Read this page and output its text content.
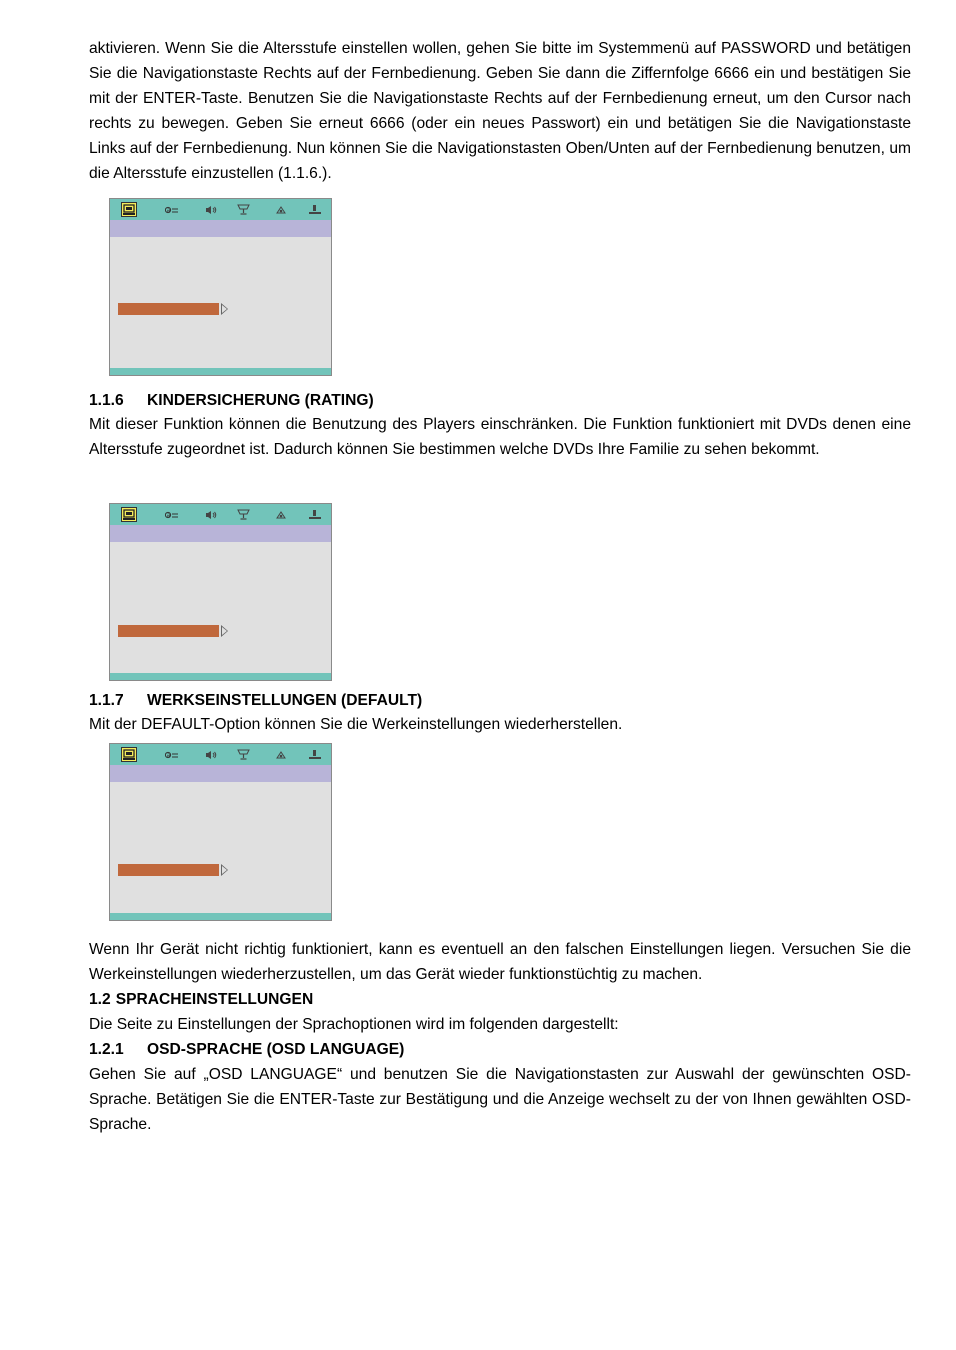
aktivieren. Wenn Sie die Altersstufe einstellen wollen, gehen Sie bitte im Systemmenü auf PASSWORD und betätigen Sie die Navigationstaste Rechts auf der Fernbedienung. Geben Sie dann die Ziffernfolge 6666 ein und bestätigen Sie mit der ENTER-Taste. Benutzen Sie die Navigationstaste Rechts auf der Fernbedienung erneut, um den Cursor nach rechts zu bewegen. Geben Sie erneut 6666 (oder ein neues Passwort) ein und betätigen Sie die Navigationstaste Links auf der Fernbedienung. Nun können Sie die Navigationstasten Oben/Unten auf der Fernbedienung benutzen, um die Altersstufe einzustellen (1.1.6.).

a

1.1.6 KINDERSICHERUNG (RATING)

Mit dieser Funktion können die Benutzung des Players einschränken. Die Funktion funktioniert mit DVDs denen eine Altersstufe zugeordnet ist. Dadurch können Sie bestimmen welche DVDs Ihre Familie zu sehen bekommt.

a

1.1.7 WERKSEINSTELLUNGEN (DEFAULT)

Mit der DEFAULT-Option können Sie die Werkeinstellungen wiederherstellen.

a

Wenn Ihr Gerät nicht richtig funktioniert, kann es eventuell an den falschen Einstellungen liegen. Versuchen Sie die Werkeinstellungen wiederherzustellen, um das Gerät wieder funktionstüchtig zu machen.

1.2 SPRACHEINSTELLUNGEN

Die Seite zu Einstellungen der Sprachoptionen wird im folgenden dargestellt:

1.2.1 OSD-SPRACHE (OSD LANGUAGE)

Gehen Sie auf „OSD LANGUAGE“ und benutzen Sie die Navigationstasten zur Auswahl der gewünschten OSD-Sprache. Betätigen Sie die ENTER-Taste zur Bestätigung und die Anzeige wechselt zu der von Ihnen gewählten OSD-Sprache.
